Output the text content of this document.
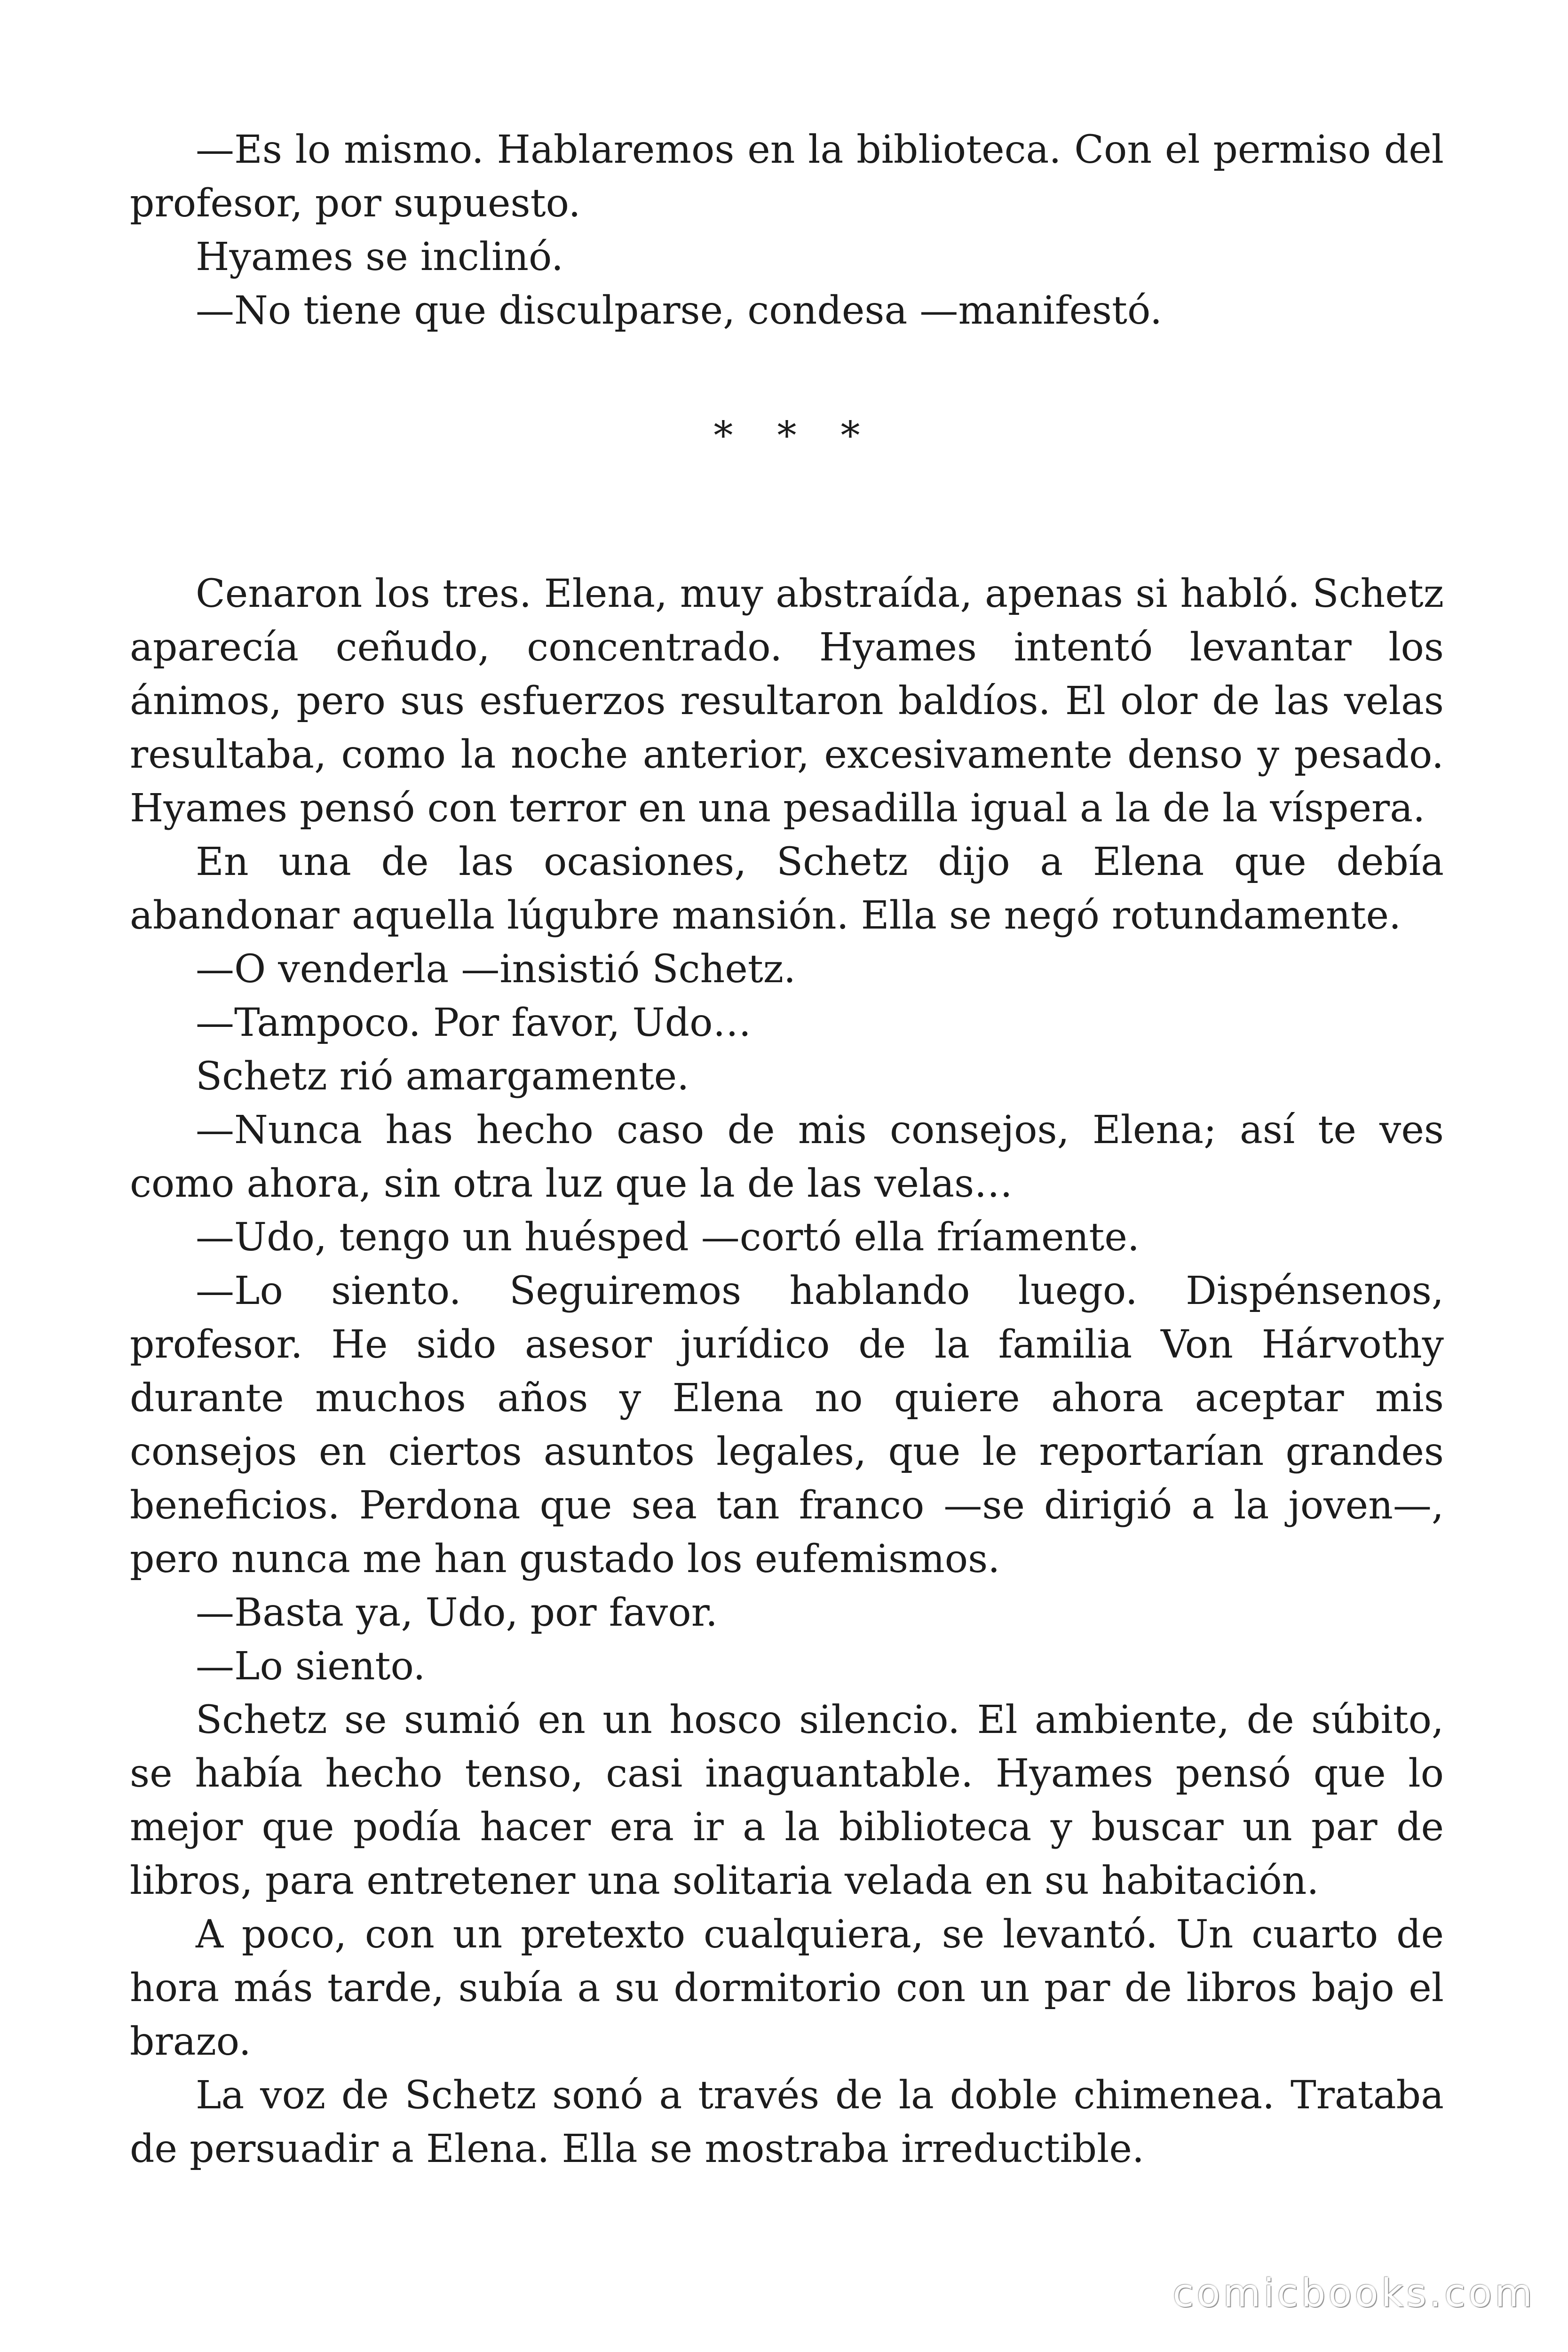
—Es lo mismo. Hablaremos en la biblioteca. Con el permiso del profesor, por supuesto.

Hyames se inclinó.

—No tiene que disculparse, condesa —manifestó.

* * *

Cenaron los tres. Elena, muy abstraída, apenas si habló. Schetz aparecía ceñudo, concentrado. Hyames intentó levantar los ánimos, pero sus esfuerzos resultaron baldíos. El olor de las velas resultaba, como la noche anterior, excesivamente denso y pesado. Hyames pensó con terror en una pesadilla igual a la de la víspera.

En una de las ocasiones, Schetz dijo a Elena que debía abandonar aquella lúgubre mansión. Ella se negó rotundamente.

—O venderla —insistió Schetz.

—Tampoco. Por favor, Udo…

Schetz rió amargamente.

—Nunca has hecho caso de mis consejos, Elena; así te ves como ahora, sin otra luz que la de las velas…

—Udo, tengo un huésped —cortó ella fríamente.

—Lo siento. Seguiremos hablando luego. Dispénsenos, profesor. He sido asesor jurídico de la familia Von Hárvothy durante muchos años y Elena no quiere ahora aceptar mis consejos en ciertos asuntos legales, que le reportarían grandes beneficios. Perdona que sea tan franco —se dirigió a la joven—, pero nunca me han gustado los eufemismos.

—Basta ya, Udo, por favor.

—Lo siento.

Schetz se sumió en un hosco silencio. El ambiente, de súbito, se había hecho tenso, casi inaguantable. Hyames pensó que lo mejor que podía hacer era ir a la biblioteca y buscar un par de libros, para entretener una solitaria velada en su habitación.

A poco, con un pretexto cualquiera, se levantó. Un cuarto de hora más tarde, subía a su dormitorio con un par de libros bajo el brazo.

La voz de Schetz sonó a través de la doble chimenea. Trataba de persuadir a Elena. Ella se mostraba irreductible.

comicbooks.com
